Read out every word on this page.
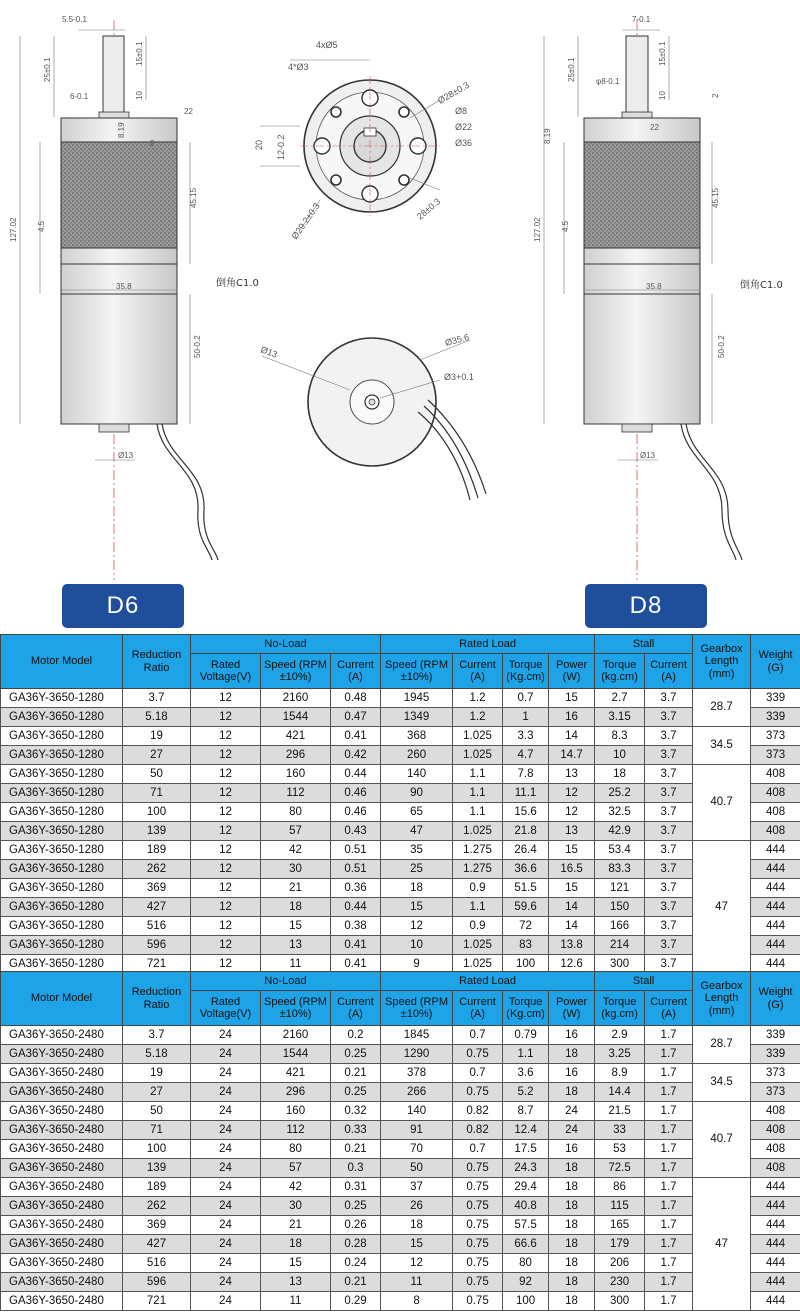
5.5-0.1
25±0.1
15±0.1
6-0.1	10
22
8.19
2
45.15
127.02 4.5
35.8
50-0.2
Ø13
倒角C1.0
4xØ5
4*Ø3
20 12-0.2
Ø28±0.3
Ø8
Ø22
Ø36
Ø29.2±0.3	28±0.3
Ø13
Ø35.6
Ø3+0.1
7-0.1
25±0.1
15±0.1
φ8-0.1
10	2
22
8.19
45.15
127.02 4.5
35.8
50-0.2
Ø13
倒角C1.0
D6	D8
Motor Model	Reduction Ratio	No-Load			Rated Load				Stall		Gearbox Length (mm)	Weight (G)
		Rated Voltage(V)	Speed (RPM ±10%)	Current (A)	Speed (RPM ±10%)	Current (A)	Torque (Kg.cm)	Power (W)	Torque (kg.cm)	Current (A)		
GA36Y-3650-1280	3.7	12	2160	0.48	1945	1.2	0.7	15	2.7	3.7	28.7	339
GA36Y-3650-1280	5.18	12	1544	0.47	1349	1.2	1	16	3.15	3.7		339
GA36Y-3650-1280	19	12	421	0.41	368	1.025	3.3	14	8.3	3.7	34.5	373
GA36Y-3650-1280	27	12	296	0.42	260	1.025	4.7	14.7	10	3.7		373
GA36Y-3650-1280	50	12	160	0.44	140	1.1	7.8	13	18	3.7	40.7	408
GA36Y-3650-1280	71	12	112	0.46	90	1.1	11.1	12	25.2	3.7		408
GA36Y-3650-1280	100	12	80	0.46	65	1.1	15.6	12	32.5	3.7		408
GA36Y-3650-1280	139	12	57	0.43	47	1.025	21.8	13	42.9	3.7		408
GA36Y-3650-1280	189	12	42	0.51	35	1.275	26.4	15	53.4	3.7	47	444
GA36Y-3650-1280	262	12	30	0.51	25	1.275	36.6	16.5	83.3	3.7		444
GA36Y-3650-1280	369	12	21	0.36	18	0.9	51.5	15	121	3.7		444
GA36Y-3650-1280	427	12	18	0.44	15	1.1	59.6	14	150	3.7		444
GA36Y-3650-1280	516	12	15	0.38	12	0.9	72	14	166	3.7		444
GA36Y-3650-1280	596	12	13	0.41	10	1.025	83	13.8	214	3.7		444
GA36Y-3650-1280	721	12	11	0.41	9	1.025	100	12.6	300	3.7		444
Motor Model	Reduction Ratio	No-Load			Rated Load				Stall		Gearbox Length (mm)	Weight (G)
		Rated Voltage(V)	Speed (RPM ±10%)	Current (A)	Speed (RPM ±10%)	Current (A)	Torque (Kg.cm)	Power (W)	Torque (kg.cm)	Current (A)		
GA36Y-3650-2480	3.7	24	2160	0.2	1845	0.7	0.79	16	2.9	1.7	28.7	339
GA36Y-3650-2480	5.18	24	1544	0.25	1290	0.75	1.1	18	3.25	1.7		339
GA36Y-3650-2480	19	24	421	0.21	378	0.7	3.6	16	8.9	1.7	34.5	373
GA36Y-3650-2480	27	24	296	0.25	266	0.75	5.2	18	14.4	1.7		373
GA36Y-3650-2480	50	24	160	0.32	140	0.82	8.7	24	21.5	1.7	40.7	408
GA36Y-3650-2480	71	24	112	0.33	91	0.82	12.4	24	33	1.7		408
GA36Y-3650-2480	100	24	80	0.21	70	0.7	17.5	16	53	1.7		408
GA36Y-3650-2480	139	24	57	0.3	50	0.75	24.3	18	72.5	1.7		408
GA36Y-3650-2480	189	24	42	0.31	37	0.75	29.4	18	86	1.7	47	444
GA36Y-3650-2480	262	24	30	0.25	26	0.75	40.8	18	115	1.7		444
GA36Y-3650-2480	369	24	21	0.26	18	0.75	57.5	18	165	1.7		444
GA36Y-3650-2480	427	24	18	0.28	15	0.75	66.6	18	179	1.7		444
GA36Y-3650-2480	516	24	15	0.24	12	0.75	80	18	206	1.7		444
GA36Y-3650-2480	596	24	13	0.21	11	0.75	92	18	230	1.7		444
GA36Y-3650-2480	721	24	11	0.29	8	0.75	100	18	300	1.7		444
